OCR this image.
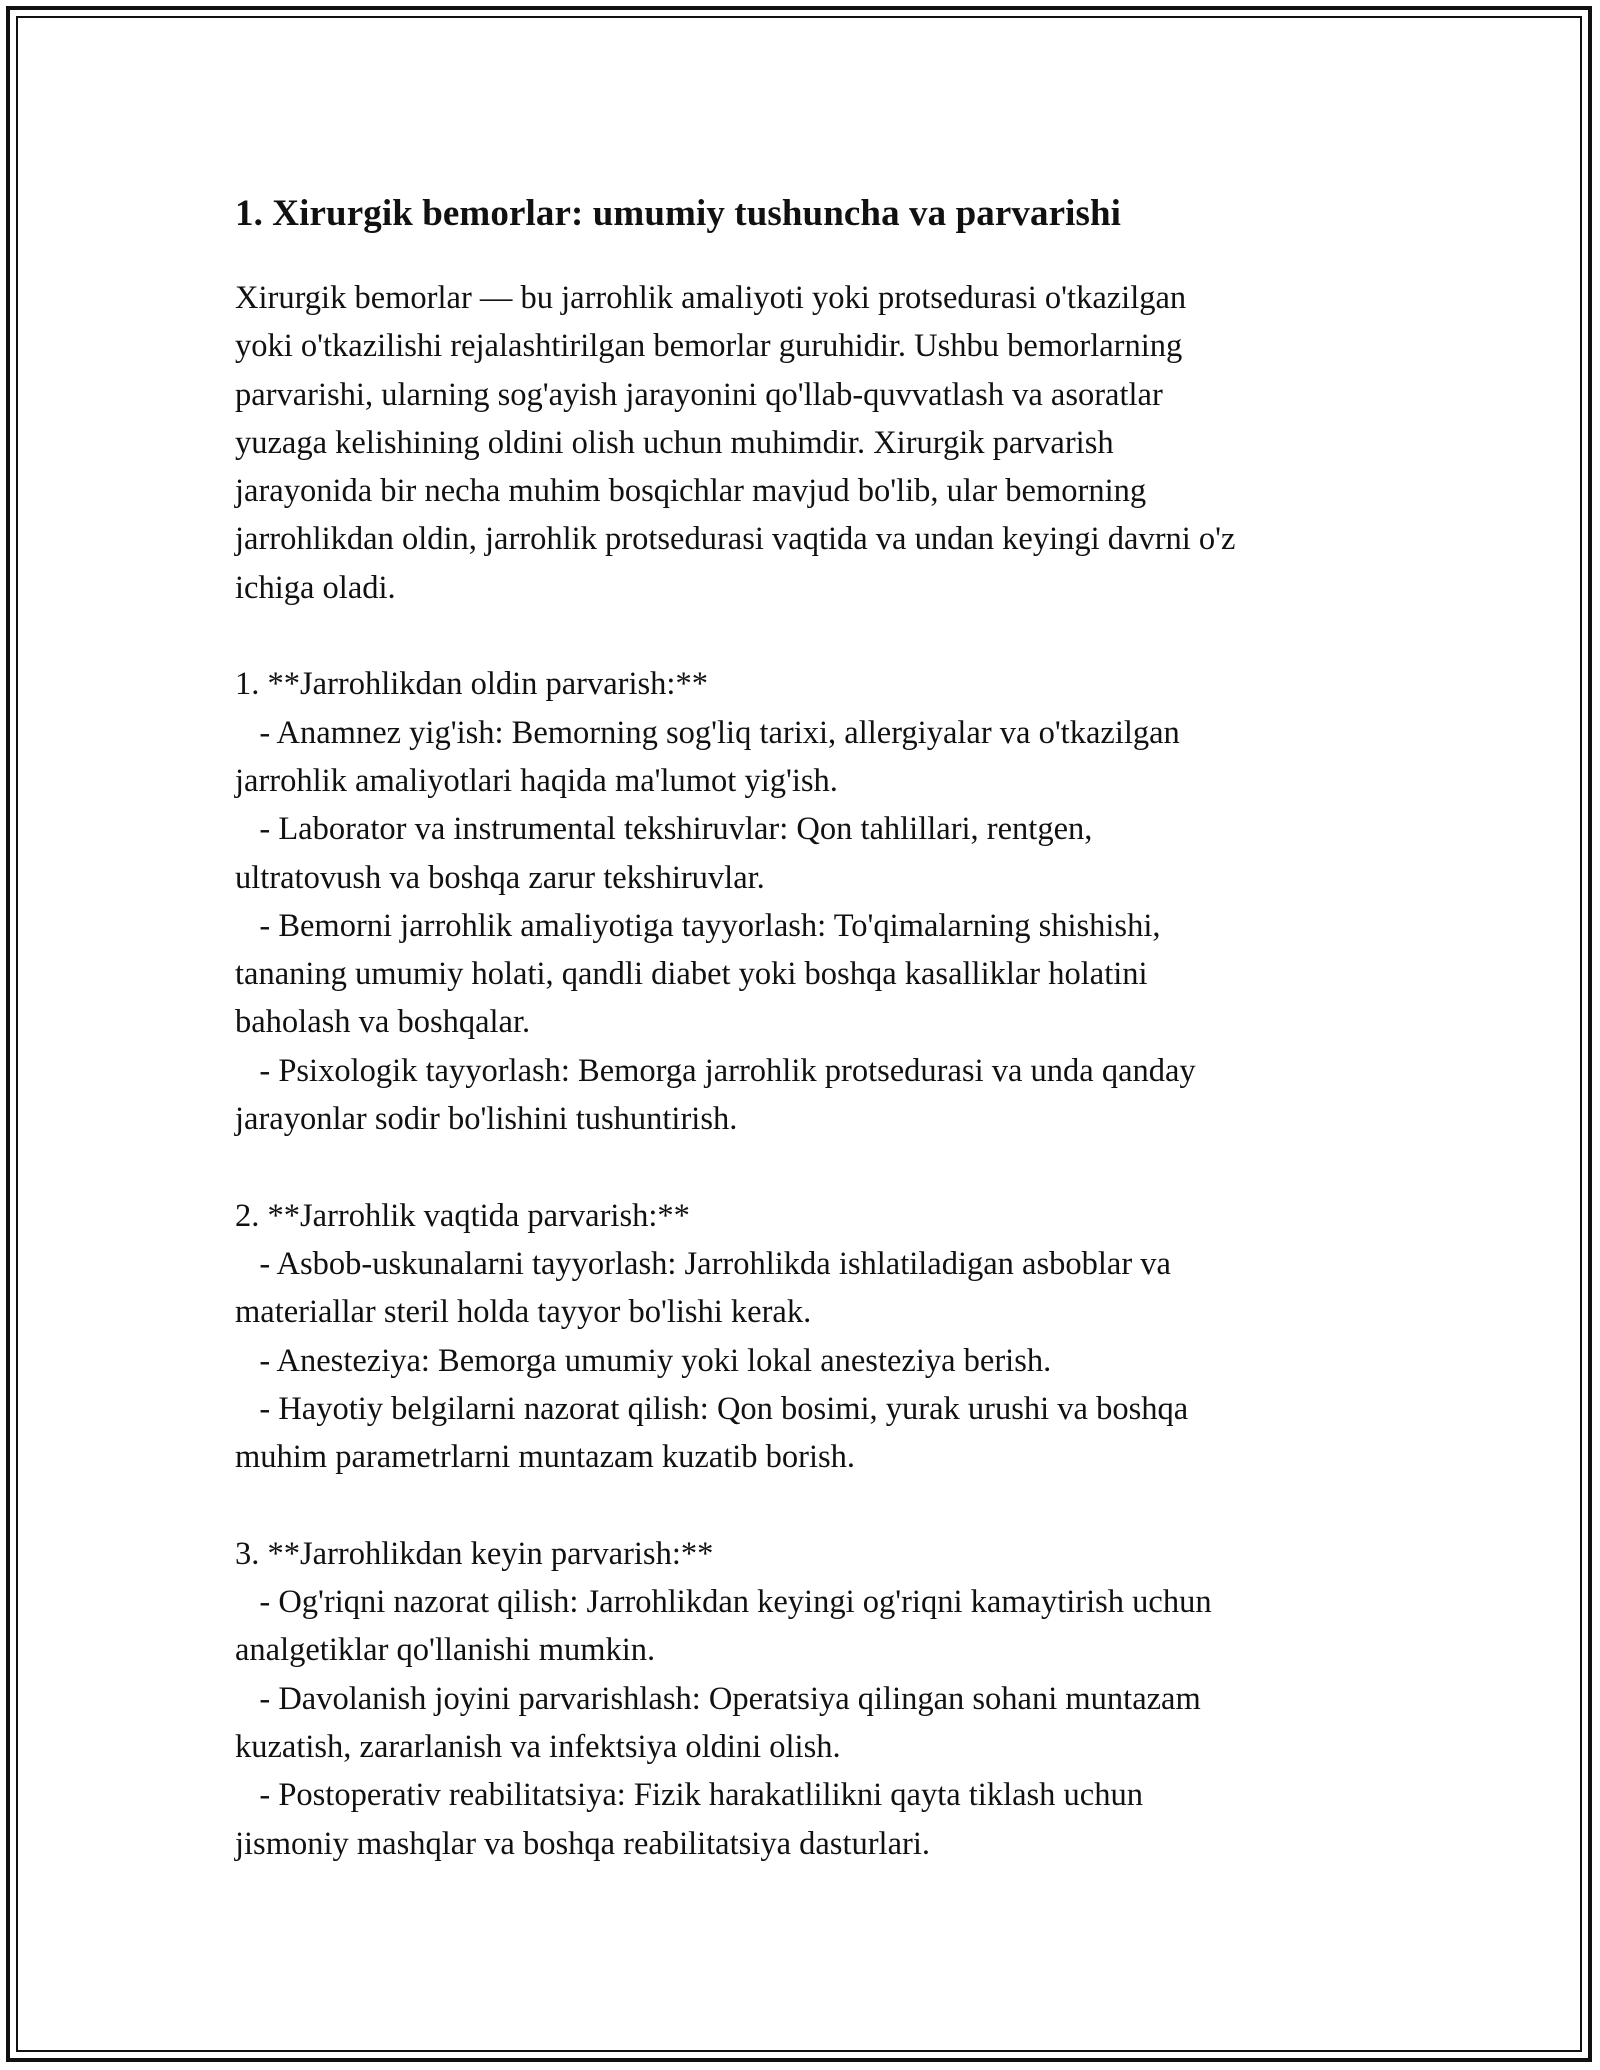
1. Xirurgik bemorlar: umumiy tushuncha va parvarishi
Xirurgik bemorlar — bu jarrohlik amaliyoti yoki protsedurasi o'tkazilgan
yoki o'tkazilishi rejalashtirilgan bemorlar guruhidir. Ushbu bemorlarning
parvarishi, ularning sog'ayish jarayonini qo'llab-quvvatlash va asoratlar
yuzaga kelishining oldini olish uchun muhimdir. Xirurgik parvarish
jarayonida bir necha muhim bosqichlar mavjud bo'lib, ular bemorning
jarrohlikdan oldin, jarrohlik protsedurasi vaqtida va undan keyingi davrni o'z
ichiga oladi.
1. **Jarrohlikdan oldin parvarish:**
- Anamnez yig'ish: Bemorning sog'liq tarixi, allergiyalar va o'tkazilgan
jarrohlik amaliyotlari haqida ma'lumot yig'ish.
- Laborator va instrumental tekshiruvlar: Qon tahlillari, rentgen,
ultratovush va boshqa zarur tekshiruvlar.
- Bemorni jarrohlik amaliyotiga tayyorlash: To'qimalarning shishishi,
tananing umumiy holati, qandli diabet yoki boshqa kasalliklar holatini
baholash va boshqalar.
- Psixologik tayyorlash: Bemorga jarrohlik protsedurasi va unda qanday
jarayonlar sodir bo'lishini tushuntirish.
2. **Jarrohlik vaqtida parvarish:**
- Asbob-uskunalarni tayyorlash: Jarrohlikda ishlatiladigan asboblar va
materiallar steril holda tayyor bo'lishi kerak.
- Anesteziya: Bemorga umumiy yoki lokal anesteziya berish.
- Hayotiy belgilarni nazorat qilish: Qon bosimi, yurak urushi va boshqa
muhim parametrlarni muntazam kuzatib borish.
3. **Jarrohlikdan keyin parvarish:**
- Og'riqni nazorat qilish: Jarrohlikdan keyingi og'riqni kamaytirish uchun
analgetiklar qo'llanishi mumkin.
- Davolanish joyini parvarishlash: Operatsiya qilingan sohani muntazam
kuzatish, zararlanish va infektsiya oldini olish.
- Postoperativ reabilitatsiya: Fizik harakatlilikni qayta tiklash uchun
jismoniy mashqlar va boshqa reabilitatsiya dasturlari.
